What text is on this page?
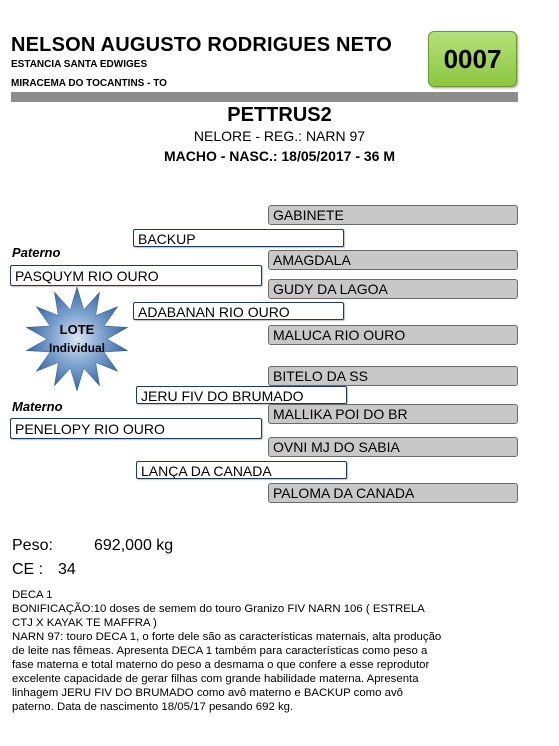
NELSON AUGUSTO RODRIGUES NETO
ESTANCIA SANTA EDWIGES
MIRACEMA DO TOCANTINS - TO
0007
PETTRUS2
NELORE - REG.: NARN 97
MACHO - NASC.: 18/05/2017 - 36 M
Paterno
Materno
PASQUYM RIO OURO
PENELOPY RIO OURO
BACKUP
ADABANAN RIO OURO
JERU FIV DO BRUMADO
LANÇA DA CANADA
GABINETE
AMAGDALA
GUDY DA LAGOA
MALUCA RIO OURO
BITELO DA SS
MALLIKA POI DO BR
OVNI MJ DO SABIA
PALOMA DA CANADA
LOTE
Individual
Peso:	692,000 kg
CE : 34
DECA 1
BONIFICAÇÃO:10 doses de semem do touro Granizo FIV NARN 106 ( ESTRELA
CTJ X KAYAK TE MAFFRA )
NARN 97: touro DECA 1, o forte dele são as características maternais, alta produção
de leite nas fêmeas. Apresenta DECA 1 também para características como peso a
fase materna e total materno do peso a desmama o que confere a esse reprodutor
excelente capacidade de gerar filhas com grande habilidade materna. Apresenta
linhagem JERU FIV DO BRUMADO como avô materno e BACKUP como avô
paterno. Data de nascimento 18/05/17 pesando 692 kg.
